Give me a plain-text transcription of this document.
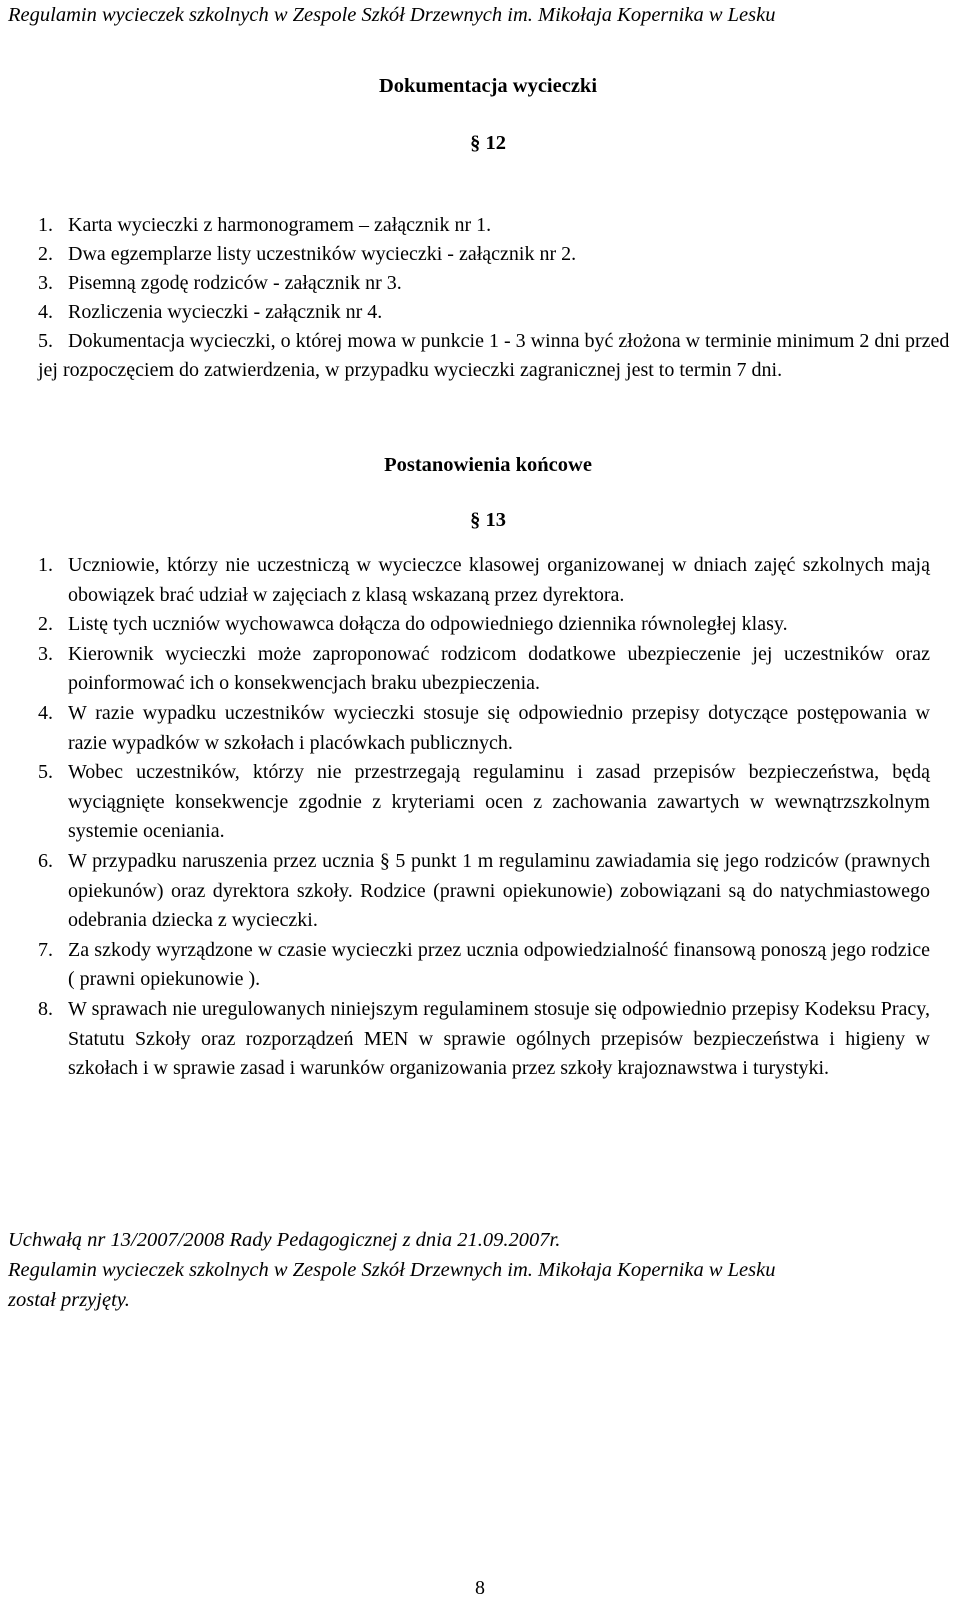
Regulamin wycieczek szkolnych w Zespole Szkół Drzewnych im. Mikołaja Kopernika w Lesku
Dokumentacja wycieczki
§ 12
1. Karta wycieczki z harmonogramem – załącznik nr 1.
2. Dwa egzemplarze listy uczestników wycieczki - załącznik nr 2.
3. Pisemną zgodę rodziców - załącznik nr 3.
4. Rozliczenia wycieczki - załącznik nr 4.
5. Dokumentacja wycieczki, o której mowa w punkcie 1 - 3 winna być złożona w terminie minimum 2 dni przed jej rozpoczęciem do zatwierdzenia, w przypadku wycieczki zagranicznej jest to termin 7 dni.
Postanowienia końcowe
§ 13
1. Uczniowie, którzy nie uczestniczą w wycieczce klasowej organizowanej w dniach zajęć szkolnych mają obowiązek brać udział w zajęciach z klasą wskazaną przez dyrektora.
2. Listę tych uczniów wychowawca dołącza do odpowiedniego dziennika równoległej klasy.
3. Kierownik wycieczki może zaproponować rodzicom dodatkowe ubezpieczenie jej uczestników oraz poinformować ich o konsekwencjach braku ubezpieczenia.
4. W razie wypadku uczestników wycieczki stosuje się odpowiednio przepisy dotyczące postępowania w razie wypadków w szkołach i placówkach publicznych.
5. Wobec uczestników, którzy nie przestrzegają regulaminu i zasad przepisów bezpieczeństwa, będą wyciągnięte konsekwencje zgodnie z kryteriami ocen z zachowania zawartych w wewnątrzszkolnym systemie oceniania.
6. W przypadku naruszenia przez ucznia § 5 punkt 1 m regulaminu zawiadamia się jego rodziców (prawnych opiekunów) oraz dyrektora szkoły. Rodzice (prawni opiekunowie) zobowiązani są do natychmiastowego odebrania dziecka z wycieczki.
7. Za szkody wyrządzone w czasie wycieczki przez ucznia odpowiedzialność finansową ponoszą jego rodzice ( prawni opiekunowie ).
8. W sprawach nie uregulowanych niniejszym regulaminem stosuje się odpowiednio przepisy Kodeksu Pracy, Statutu Szkoły oraz rozporządzeń MEN w sprawie ogólnych przepisów bezpieczeństwa i higieny w szkołach i w sprawie zasad i warunków organizowania przez szkoły krajoznawstwa i turystyki.
Uchwałą nr 13/2007/2008 Rady Pedagogicznej z dnia 21.09.2007r.
Regulamin wycieczek szkolnych w Zespole Szkół Drzewnych im. Mikołaja Kopernika w Lesku
został przyjęty.
8
